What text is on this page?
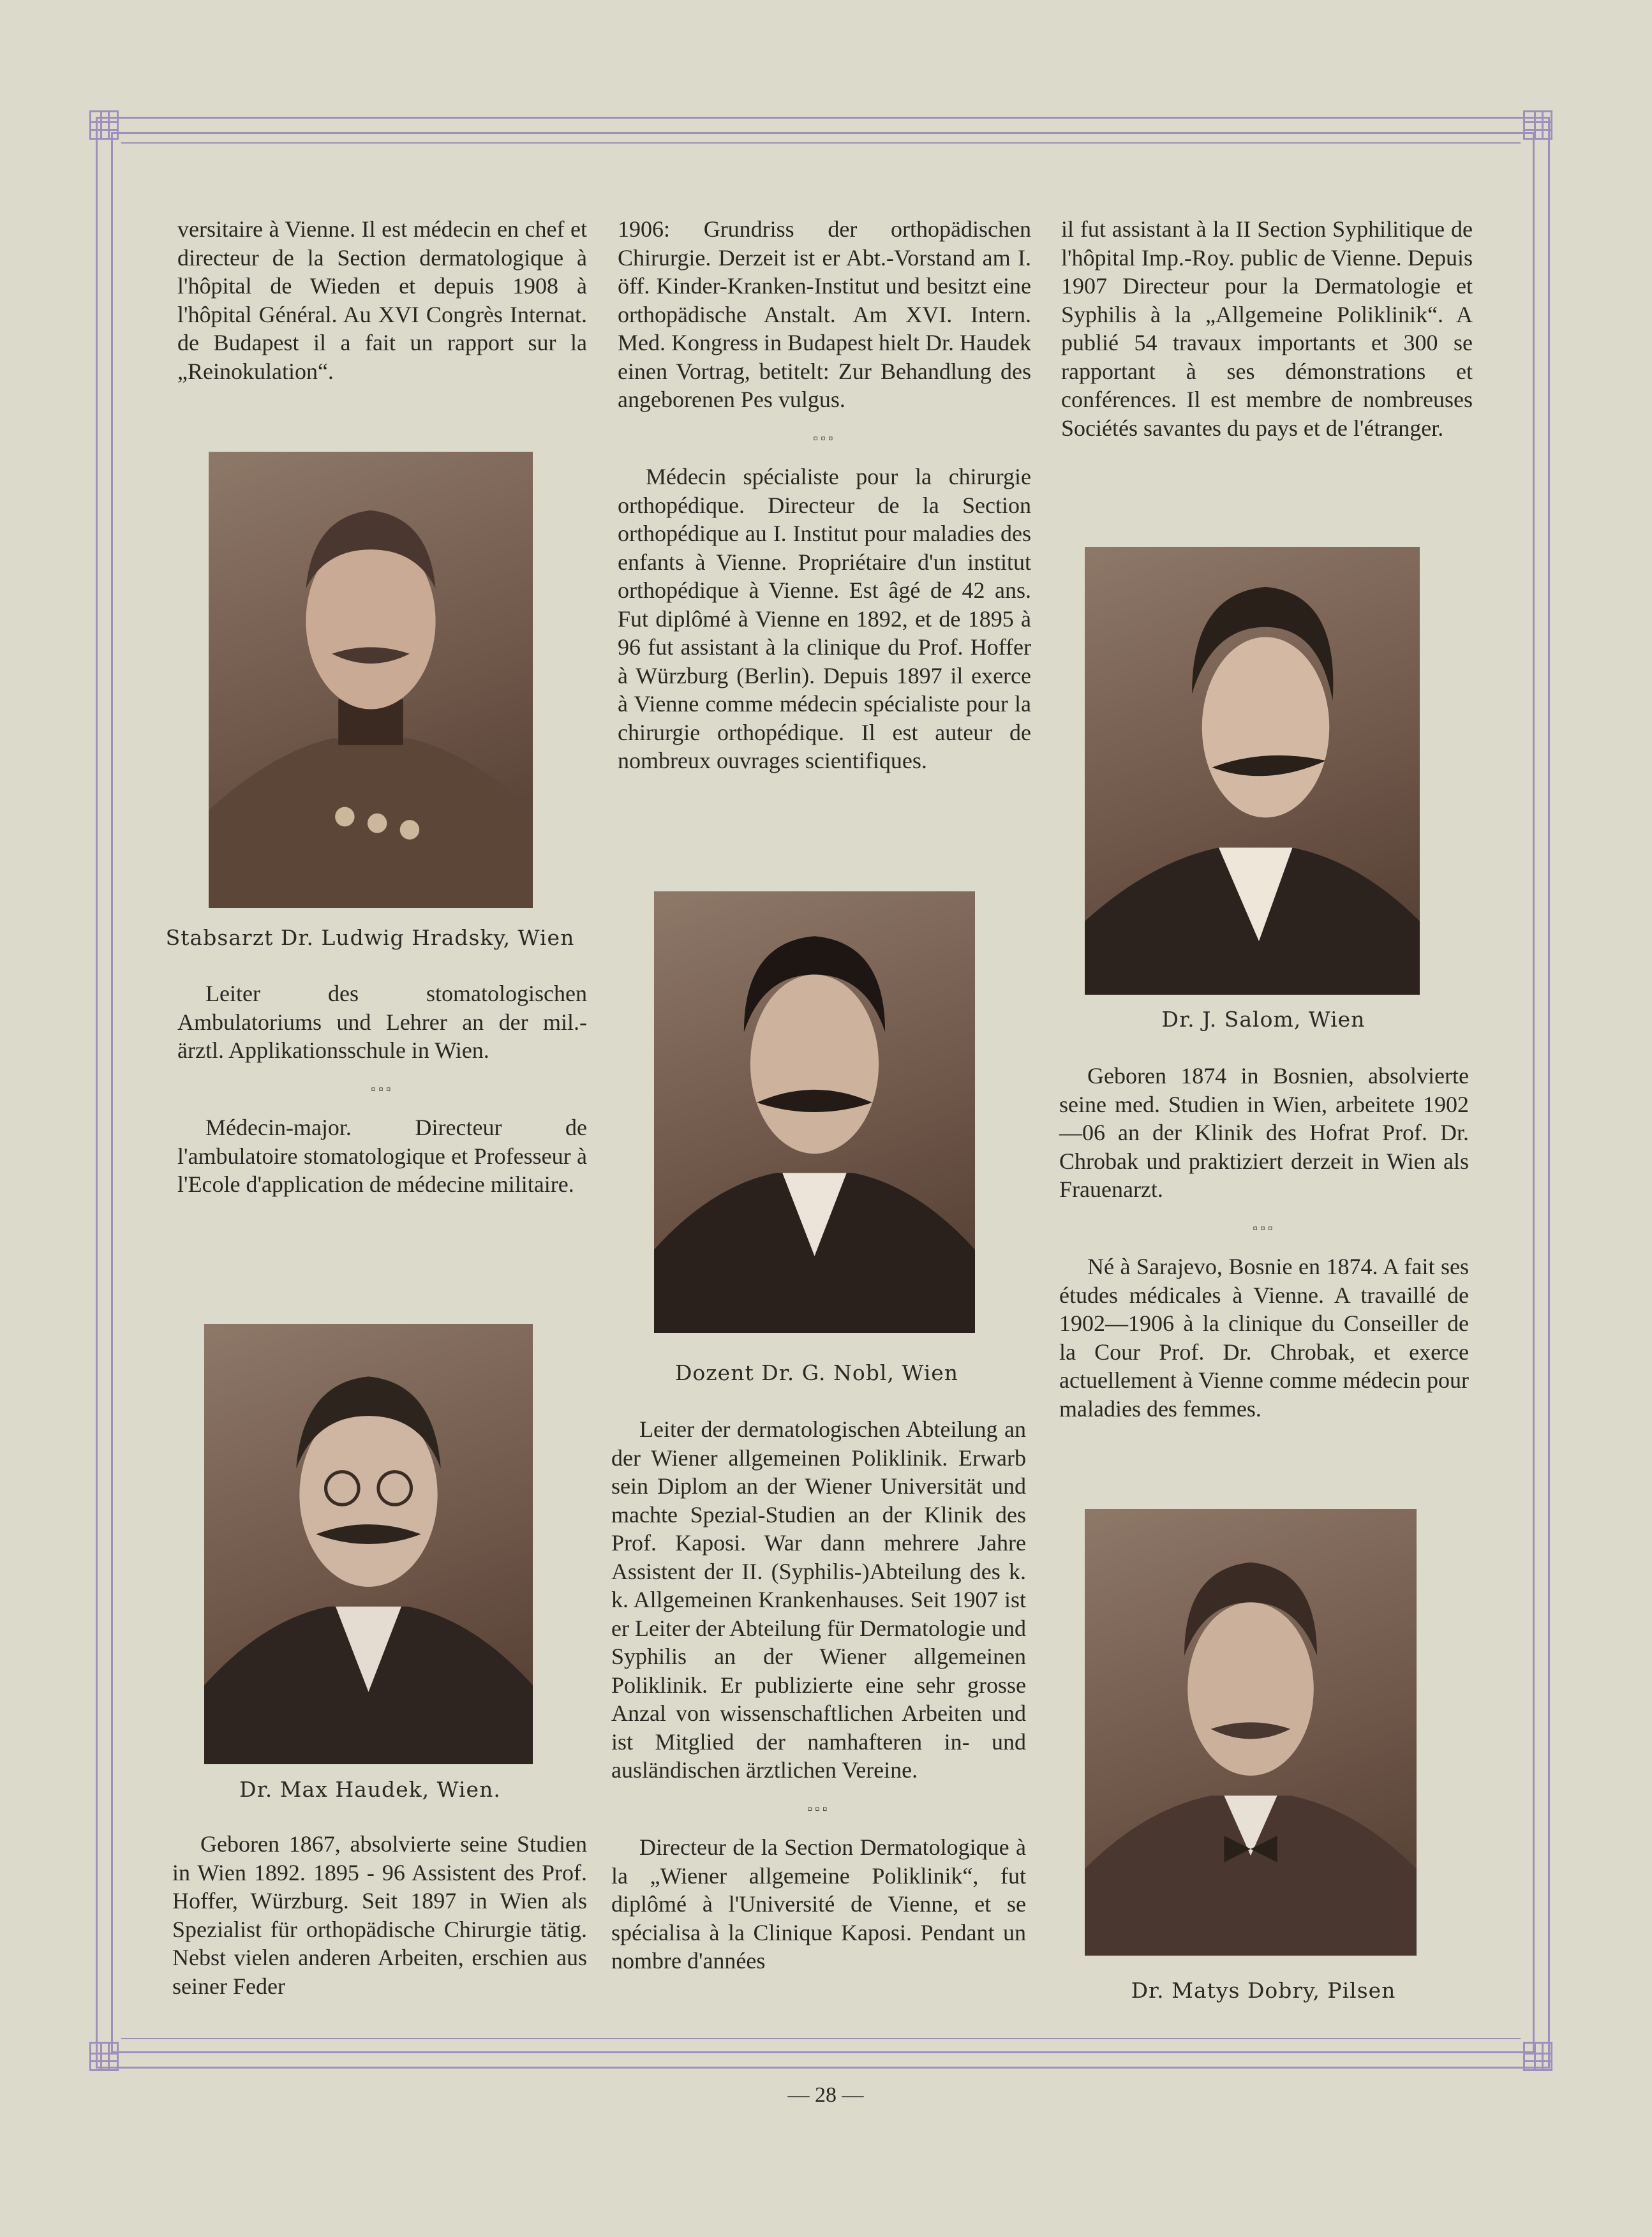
versitaire à Vienne. Il est médecin en chef et directeur de la Section dermatologique à l'hôpital de Wieden et depuis 1908 à l'hôpital Général. Au XVI Congrès Internat. de Budapest il a fait un rapport sur la „Reinokulation“.

Stabsarzt Dr. Ludwig Hradsky, Wien

Leiter des stomatologischen Ambulatoriums und Lehrer an der mil.-ärztl. Applikationsschule in Wien.

▫▫▫

Médecin-major. Directeur de l'ambulatoire stomatologique et Professeur à l'Ecole d'application de médecine militaire.

Dr. Max Haudek, Wien.

Geboren 1867, absolvierte seine Studien in Wien 1892. 1895 - 96 Assistent des Prof. Hoffer, Würzburg. Seit 1897 in Wien als Spezialist für orthopädische Chirurgie tätig. Nebst vielen anderen Arbeiten, erschien aus seiner Feder

1906: Grundriss der orthopädischen Chirurgie. Derzeit ist er Abt.-Vorstand am I. öff. Kinder-Kranken-Institut und besitzt eine orthopädische Anstalt. Am XVI. Intern. Med. Kongress in Budapest hielt Dr. Haudek einen Vortrag, betitelt: Zur Behandlung des angeborenen Pes vulgus.

▫▫▫

Médecin spécialiste pour la chirurgie orthopédique. Directeur de la Section orthopédique au I. Institut pour maladies des enfants à Vienne. Propriétaire d'un institut orthopédique à Vienne. Est âgé de 42 ans. Fut diplômé à Vienne en 1892, et de 1895 à 96 fut assistant à la clinique du Prof. Hoffer à Würzburg (Berlin). Depuis 1897 il exerce à Vienne comme médecin spécialiste pour la chirurgie orthopédique. Il est auteur de nombreux ouvrages scientifiques.

Dozent Dr. G. Nobl, Wien

Leiter der dermatologischen Abteilung an der Wiener allgemeinen Poliklinik. Erwarb sein Diplom an der Wiener Universität und machte Spezial-Studien an der Klinik des Prof. Kaposi. War dann mehrere Jahre Assistent der II. (Syphilis-)Abteilung des k. k. Allgemeinen Krankenhauses. Seit 1907 ist er Leiter der Abteilung für Dermatologie und Syphilis an der Wiener allgemeinen Poliklinik. Er publizierte eine sehr grosse Anzal von wissenschaftlichen Arbeiten und ist Mitglied der namhafteren in- und ausländischen ärztlichen Vereine.

▫▫▫

Directeur de la Section Dermatologique à la „Wiener allgemeine Poliklinik“, fut diplômé à l'Université de Vienne, et se spécialisa à la Clinique Kaposi. Pendant un nombre d'années

il fut assistant à la II Section Syphilitique de l'hôpital Imp.-Roy. public de Vienne. Depuis 1907 Directeur pour la Dermatologie et Syphilis à la „Allgemeine Poliklinik“. A publié 54 travaux importants et 300 se rapportant à ses démonstrations et conférences. Il est membre de nombreuses Sociétés savantes du pays et de l'étranger.

Dr. J. Salom, Wien

Geboren 1874 in Bosnien, absolvierte seine med. Studien in Wien, arbeitete 1902—06 an der Klinik des Hofrat Prof. Dr. Chrobak und praktiziert derzeit in Wien als Frauenarzt.

▫▫▫

Né à Sarajevo, Bosnie en 1874. A fait ses études médicales à Vienne. A travaillé de 1902—1906 à la clinique du Conseiller de la Cour Prof. Dr. Chrobak, et exerce actuellement à Vienne comme médecin pour maladies des femmes.

Dr. Matys Dobry, Pilsen
— 28 —
